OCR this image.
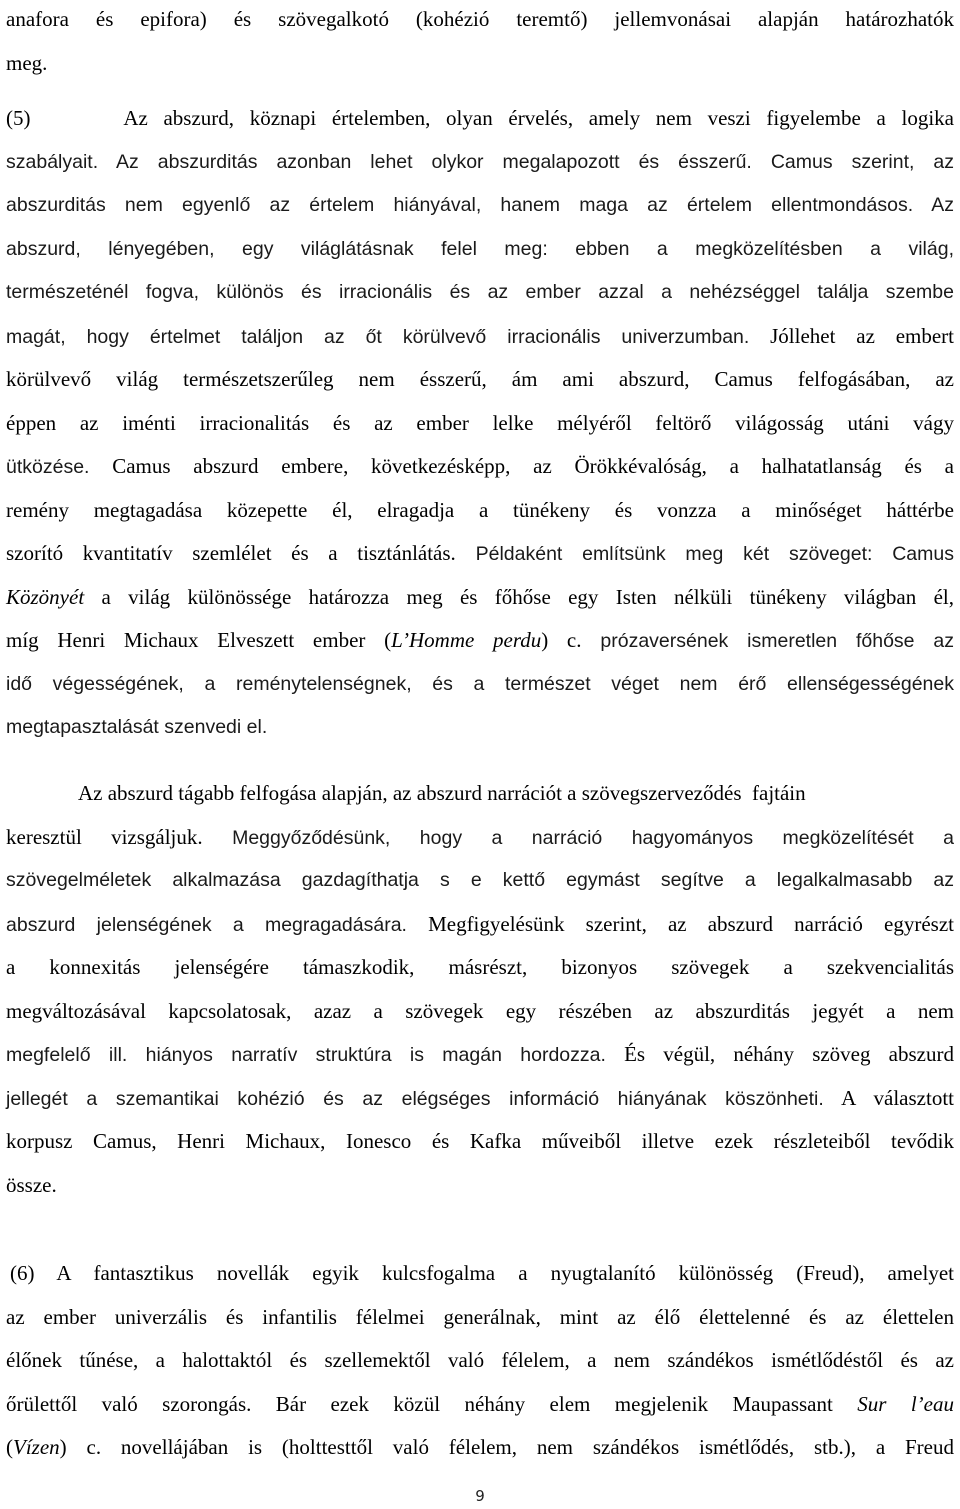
anafora és epifora) és szövegalkotó (kohézió teremtő) jellemvonásai alapján határozhatók
meg.
(5)      Az abszurd, köznapi értelemben, olyan érvelés, amely nem veszi figyelembe a logika
szabályait. Az abszurditás azonban lehet olykor megalapozott és ésszerű. Camus szerint, az
abszurditás nem egyenlő az értelem hiányával, hanem maga az értelem ellentmondásos. Az
abszurd, lényegében, egy világlátásnak felel meg: ebben a megközelítésben a világ,
természeténél fogva, különös és irracionális és az ember azzal a nehézséggel találja szembe
magát, hogy értelmet találjon az őt körülvevő irracionális univerzumban. Jóllehet az embert
körülvevő világ természetszerűleg nem ésszerű, ám ami abszurd, Camus felfogásában, az
éppen az iménti irracionalitás és az ember lelke mélyéről feltörő világosság utáni vágy
ütközése. Camus abszurd embere, következésképp, az Örökkévalóság, a halhatatlanság és a
remény megtagadása közepette él, elragadja a tünékeny és vonzza a minőséget háttérbe
szorító kvantitatív szemlélet és a tisztánlátás. Példaként említsünk meg két szöveget: Camus
Közönyét a világ különössége határozza meg és főhőse egy Isten nélküli tünékeny világban él,
míg Henri Michaux Elveszett ember (L’Homme perdu) c. prózaversének ismeretlen főhőse az
idő végességének, a reménytelenségnek, és a természet véget nem érő ellenségességének
megtapasztalását szenvedi el.
Az abszurd tágabb felfogása alapján, az abszurd narrációt a szövegszerveződés  fajtáin
keresztül vizsgáljuk. Meggyőződésünk, hogy a narráció hagyományos megközelítését a
szövegelméletek alkalmazása gazdagíthatja s e kettő egymást segítve a legalkalmasabb az
abszurd jelenségének a megragadására. Megfigyelésünk szerint, az abszurd narráció egyrészt
a konnexitás jelenségére támaszkodik, másrészt, bizonyos szövegek a szekvencialitás
megváltozásával kapcsolatosak, azaz a szövegek egy részében az abszurditás jegyét a nem
megfelelő ill. hiányos narratív struktúra is magán hordozza. És végül, néhány szöveg abszurd
jellegét a szemantikai kohézió és az elégséges információ hiányának köszönheti. A választott
korpusz Camus, Henri Michaux, Ionesco és Kafka műveiből illetve ezek részleteiből tevődik
össze.
(6) A fantasztikus novellák egyik kulcsfogalma a nyugtalanító különösség (Freud), amelyet
az ember univerzális és infantilis félelmei generálnak, mint az élő élettelenné és az élettelen
élőnek tűnése, a halottaktól és szellemektől való félelem, a nem szándékos ismétlődéstől és az
őrülettől való szorongás. Bár ezek közül néhány elem megjelenik Maupassant Sur l’eau
(Vízen) c. novellájában is (holttesttől való félelem, nem szándékos ismétlődés, stb.), a Freud
9
